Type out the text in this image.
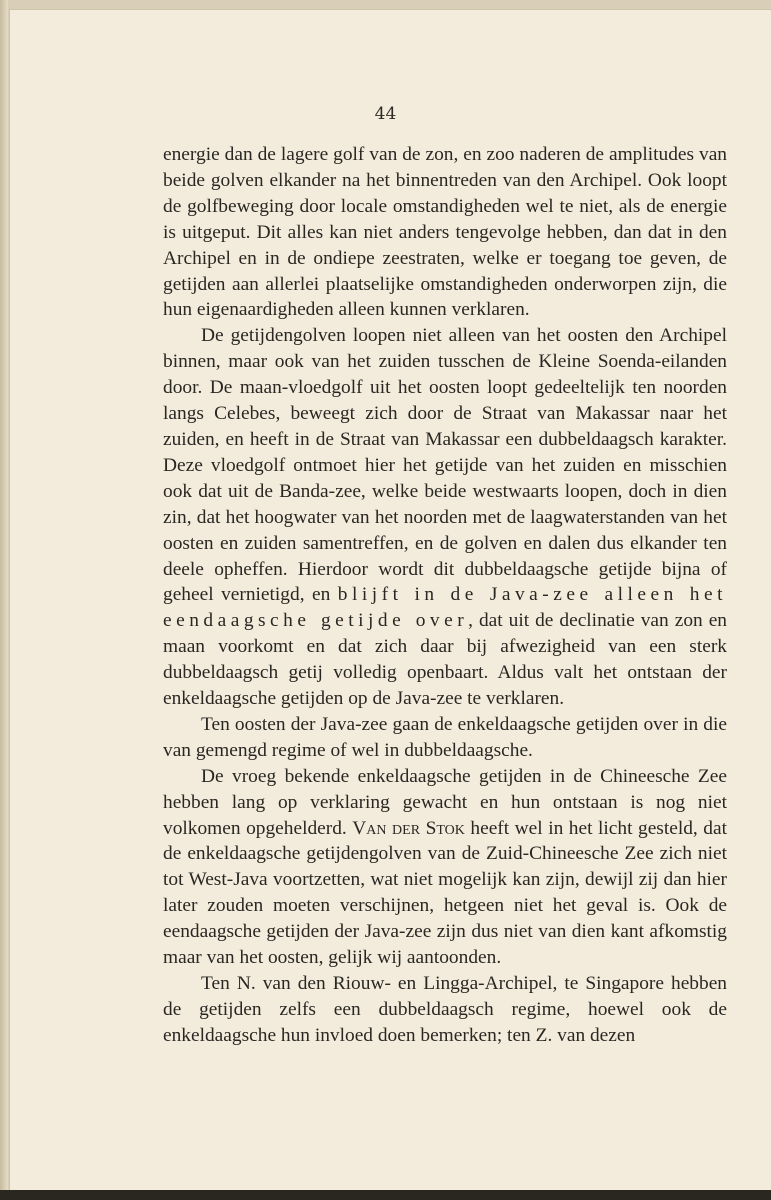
44

energie dan de lagere golf van de zon, en zoo naderen de amplitudes van beide golven elkander na het binnentreden van den Archipel. Ook loopt de golfbeweging door locale omstandigheden wel te niet, als de energie is uitgeput. Dit alles kan niet anders tengevolge hebben, dan dat in den Archipel en in de ondiepe zeestraten, welke er toegang toe geven, de getijden aan allerlei plaatselijke omstandigheden onderworpen zijn, die hun eigenaardigheden alleen kunnen verklaren.

De getijdengolven loopen niet alleen van het oosten den Archipel binnen, maar ook van het zuiden tusschen de Kleine Soenda-eilanden door. De maan-vloedgolf uit het oosten loopt gedeeltelijk ten noorden langs Celebes, beweegt zich door de Straat van Makassar naar het zuiden, en heeft in de Straat van Makassar een dubbeldaagsch karakter. Deze vloedgolf ontmoet hier het getijde van het zuiden en misschien ook dat uit de Banda-zee, welke beide westwaarts loopen, doch in dien zin, dat het hoogwater van het noorden met de laagwaterstanden van het oosten en zuiden samentreffen, en de golven en dalen dus elkander ten deele opheffen. Hierdoor wordt dit dubbeldaagsche getijde bijna of geheel vernietigd, en blijft in de Java-zee alleen het eendaagsche getijde over, dat uit de declinatie van zon en maan voorkomt en dat zich daar bij afwezigheid van een sterk dubbeldaagsch getij volledig openbaart. Aldus valt het ontstaan der enkeldaagsche getijden op de Java-zee te verklaren.

Ten oosten der Java-zee gaan de enkeldaagsche getijden over in die van gemengd regime of wel in dubbeldaagsche.

De vroeg bekende enkeldaagsche getijden in de Chineesche Zee hebben lang op verklaring gewacht en hun ontstaan is nog niet volkomen opgehelderd. Van der Stok heeft wel in het licht gesteld, dat de enkeldaagsche getijdengolven van de Zuid-Chineesche Zee zich niet tot West-Java voortzetten, wat niet mogelijk kan zijn, dewijl zij dan hier later zouden moeten verschijnen, hetgeen niet het geval is. Ook de eendaagsche getijden der Java-zee zijn dus niet van dien kant afkomstig maar van het oosten, gelijk wij aantoonden.

Ten N. van den Riouw- en Lingga-Archipel, te Singapore hebben de getijden zelfs een dubbeldaagsch regime, hoewel ook de enkeldaagsche hun invloed doen bemerken; ten Z. van dezen
